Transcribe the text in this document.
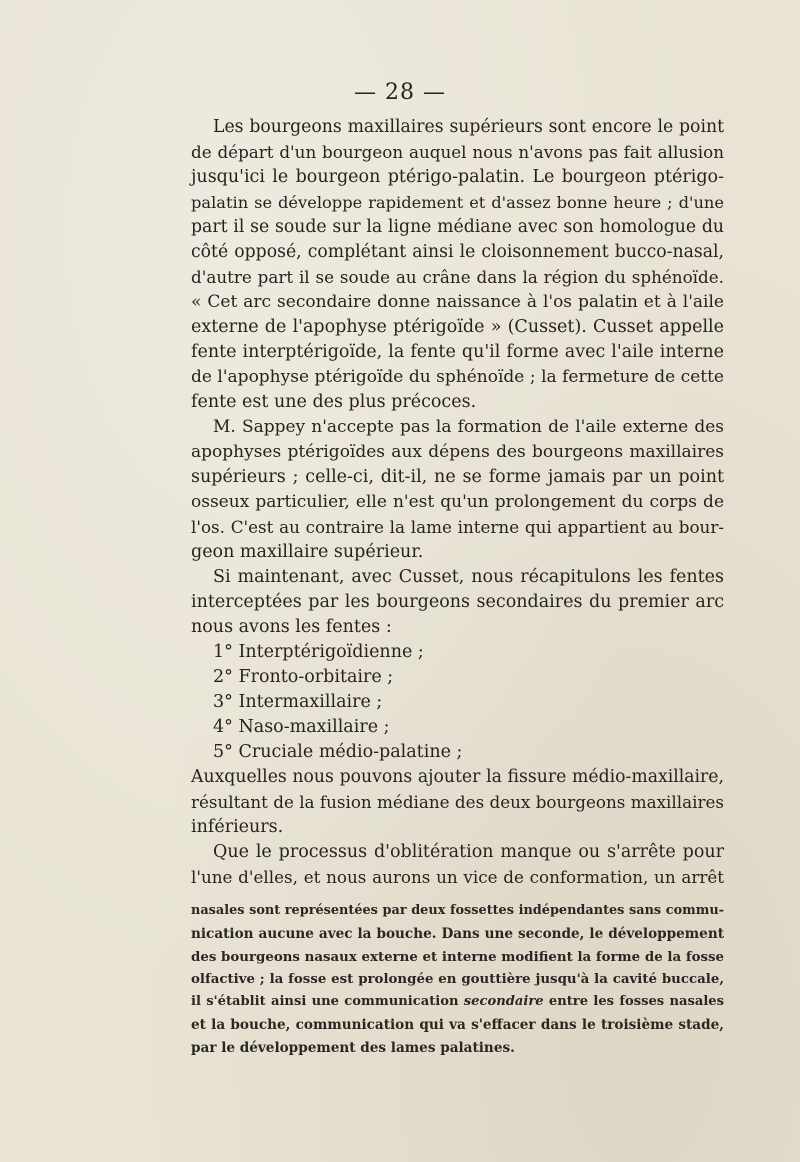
— 28 —
Les bourgeons maxillaires supérieurs sont encore le point
de départ d'un bourgeon auquel nous n'avons pas fait allusion
jusqu'ici le bourgeon ptérigo-palatin. Le bourgeon ptérigo-
palatin se développe rapidement et d'assez bonne heure ; d'une
part il se soude sur la ligne médiane avec son homologue du
côté opposé, complétant ainsi le cloisonnement bucco-nasal,
d'autre part il se soude au crâne dans la région du sphénoïde.
« Cet arc secondaire donne naissance à l'os palatin et à l'aile
externe de l'apophyse ptérigoïde » (Cusset). Cusset appelle
fente interptérigoïde, la fente qu'il forme avec l'aile interne
de l'apophyse ptérigoïde du sphénoïde ; la fermeture de cette
fente est une des plus précoces.
M. Sappey n'accepte pas la formation de l'aile externe des
apophyses ptérigoïdes aux dépens des bourgeons maxillaires
supérieurs ; celle-ci, dit-il, ne se forme jamais par un point
osseux particulier, elle n'est qu'un prolongement du corps de
l'os. C'est au contraire la lame interne qui appartient au bour-
geon maxillaire supérieur.
Si maintenant, avec Cusset, nous récapitulons les fentes
interceptées par les bourgeons secondaires du premier arc
nous avons les fentes :
1° Interptérigoïdienne ;
2° Fronto-orbitaire ;
3° Intermaxillaire ;
4° Naso-maxillaire ;
5° Cruciale médio-palatine ;
Auxquelles nous pouvons ajouter la fissure médio-maxillaire,
résultant de la fusion médiane des deux bourgeons maxillaires
inférieurs.
Que le processus d'oblitération manque ou s'arrête pour
l'une d'elles, et nous aurons un vice de conformation, un arrêt
nasales sont représentées par deux fossettes indépendantes sans commu-
nication aucune avec la bouche. Dans une seconde, le développement
des bourgeons nasaux externe et interne modifient la forme de la fosse
olfactive ; la fosse est prolongée en gouttière jusqu'à la cavité buccale,
il s'établit ainsi une communication secondaire entre les fosses nasales
et la bouche, communication qui va s'effacer dans le troisième stade,
par le développement des lames palatines.
